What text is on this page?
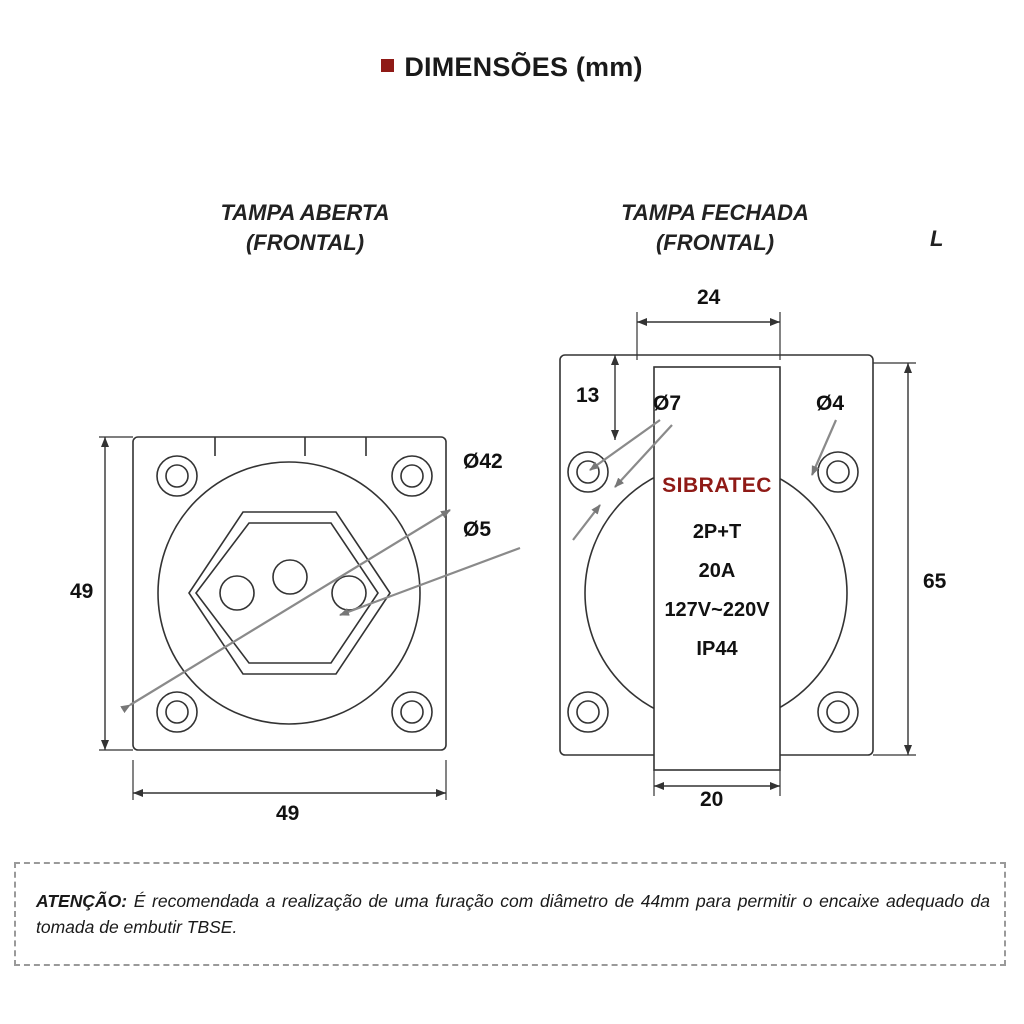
DIMENSÕES (mm)
TAMPA ABERTA
(FRONTAL)
TAMPA FECHADA
(FRONTAL)	L
49
49
Ø42
Ø5
24
20
13	Ø7	Ø4
65
SIBRATEC
2P+T
20A
127V~220V
IP44
ATENÇÃO: É recomendada a realização de uma furação com diâmetro de 44mm para permitir o encaixe adequado da tomada de embutir TBSE.
